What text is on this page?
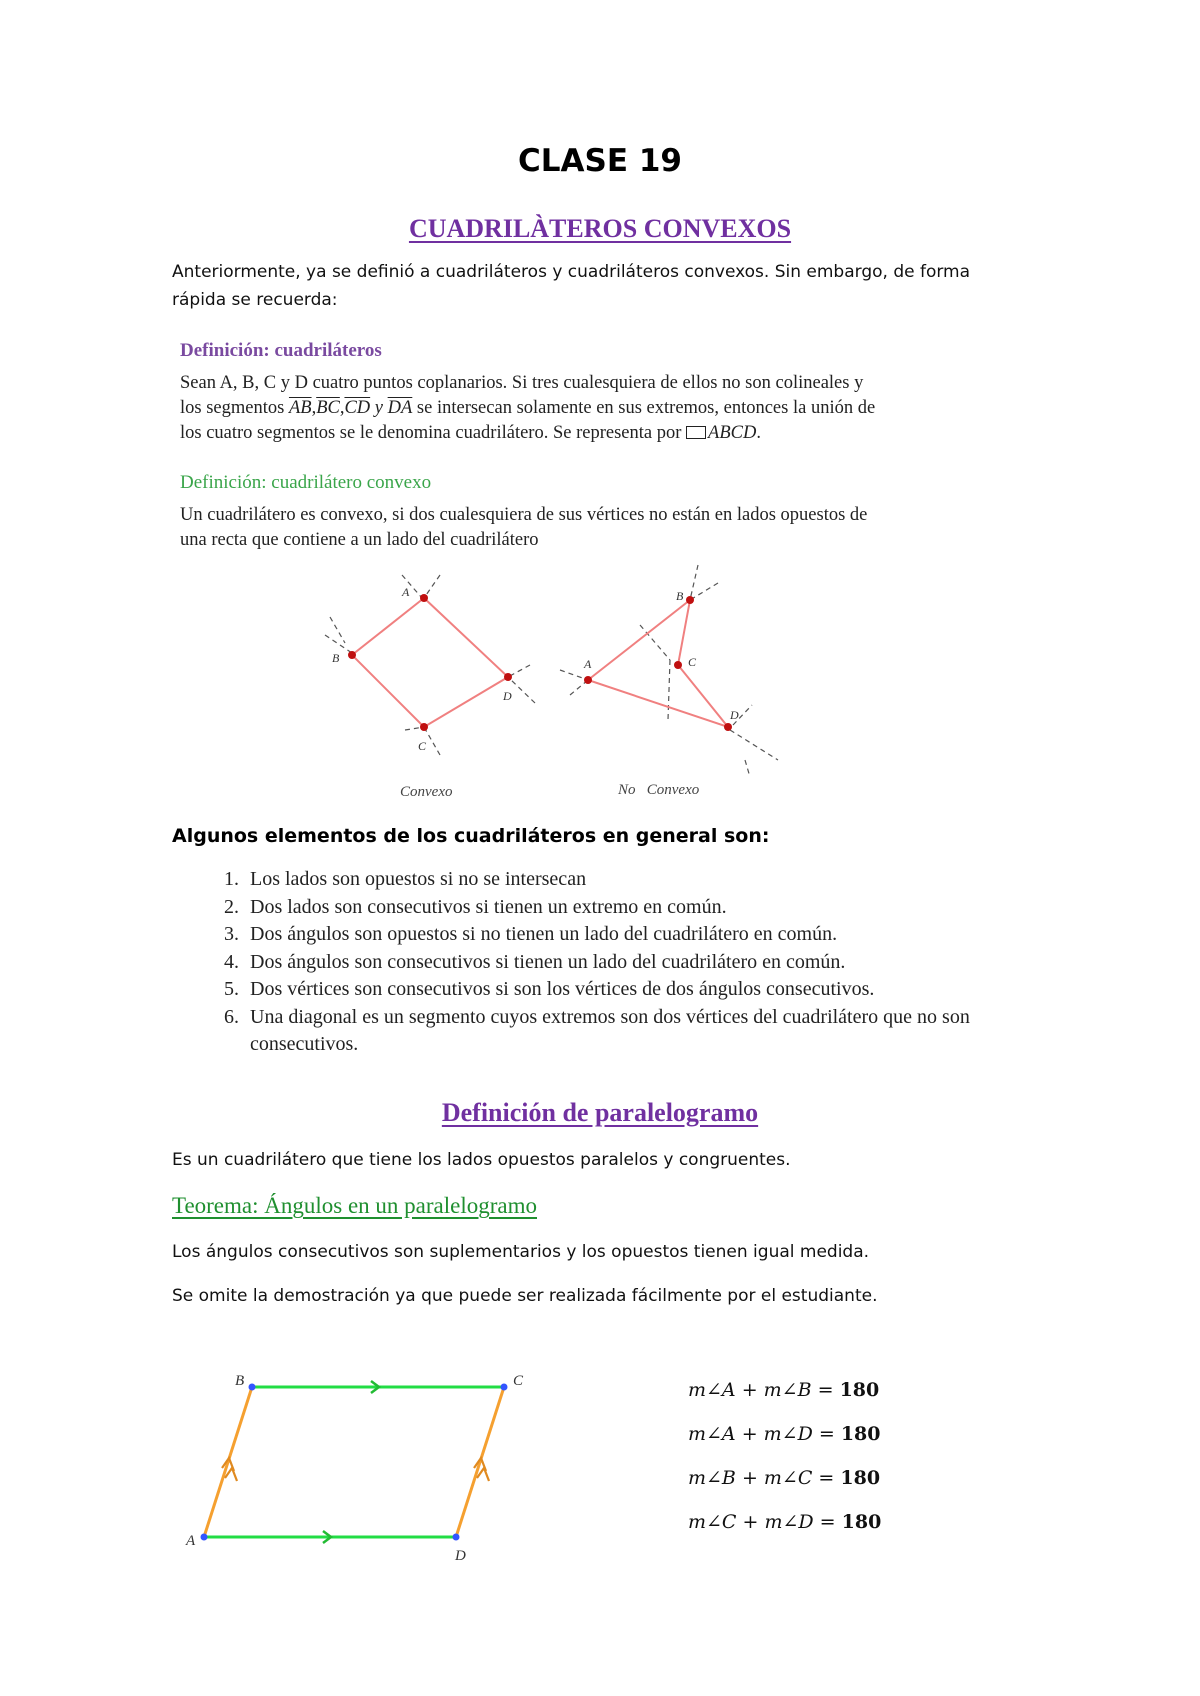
CLASE 19
CUADRILÀTEROS CONVEXOS
Anteriormente, ya se definió a cuadriláteros y cuadriláteros convexos. Sin embargo, de forma rápida se recuerda:
Definición: cuadriláteros
Sean A, B, C y D cuatro puntos coplanarios. Si tres cualesquiera de ellos no son colineales y
los segmentos $\overline{AB},\overline{BC},\overline{CD}$ y $\overline{DA}$ se intersecan solamente en sus extremos, entonces la unión de
los cuatro segmentos se le denomina cuadrilátero. Se representa por ABCD.
Definición: cuadrilátero convexo
Un cuadrilátero es convexo, si dos cualesquiera de sus vértices no están en lados opuestos de
una recta que contiene a un lado del cuadrilátero
A
B
C
D
Convexo
A
B
C
D
No   Convexo
Algunos elementos de los cuadriláteros en general son:
1. Los lados son opuestos si no se intersecan
2. Dos lados son consecutivos si tienen un extremo en común.
3. Dos ángulos son opuestos si no tienen un lado del cuadrilátero en común.
4. Dos ángulos son consecutivos si tienen un lado del cuadrilátero en común.
5. Dos vértices son consecutivos si son los vértices de dos ángulos consecutivos.
6. Una diagonal es un segmento cuyos extremos son dos vértices del cuadrilátero que no son consecutivos.
Definición de paralelogramo
Es un cuadrilátero que tiene los lados opuestos paralelos y congruentes.
Teorema: Ángulos en un paralelogramo
Los ángulos consecutivos son suplementarios y los opuestos tienen igual medida.
Se omite la demostración ya que puede ser realizada fácilmente por el estudiante.
A
B	C
D
m∠A + m∠B = 180
m∠A + m∠D = 180
m∠B + m∠C = 180
m∠C + m∠D = 180
